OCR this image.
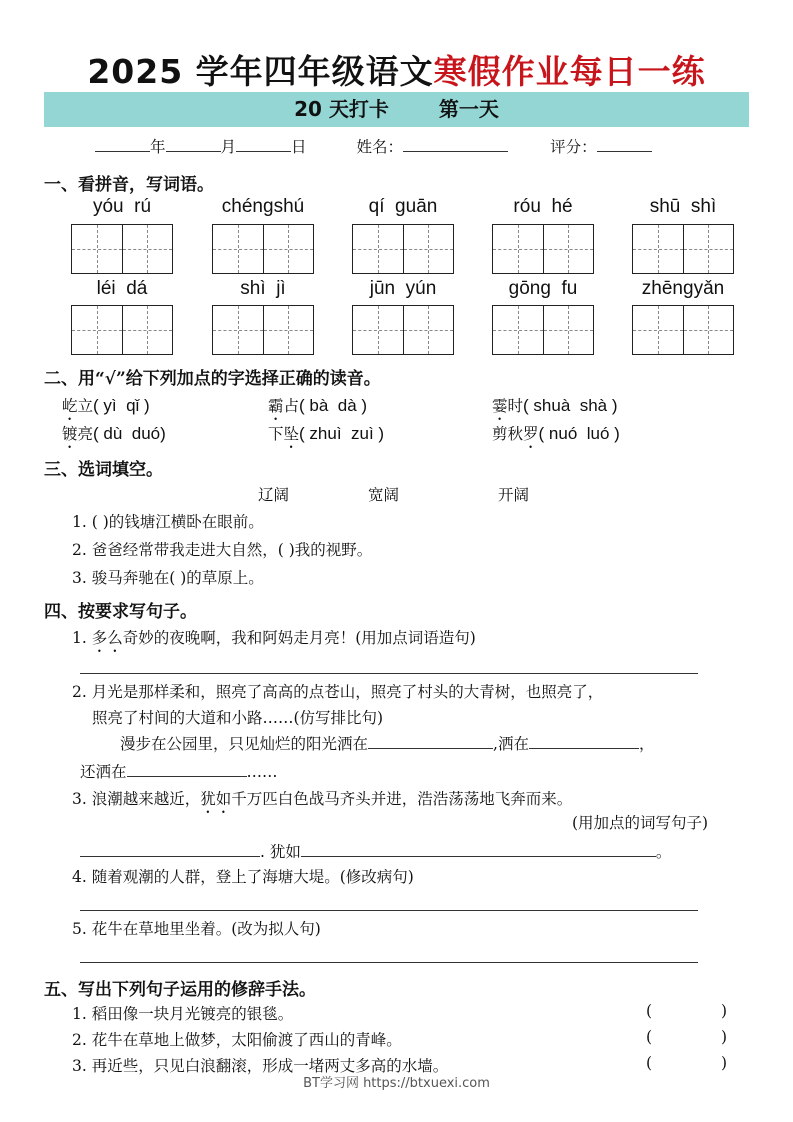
2025 学年四年级语文寒假作业每日一练
20 天打卡	第一天
年	月	日	姓名：	评分：
一、看拼音，写词语。
yóu  rú	chéngshú	qí  guān	róu  hé	shū  shì
léi  dá	shì  jì	jūn  yún	gōng  fu	zhēngyǎn
二、用“√”给下列加点的字选择正确的读音。
屹立( yì  qǐ )	霸占( bà  dà )	霎时( shuà  shà )
镀亮( dù  duó)	下坠( zhuì  zuì )	剪秋罗( nuó  luó )
三、选词填空。
辽阔	宽阔	开阔
1. ( )的钱塘江横卧在眼前。
2. 爸爸经常带我走进大自然，( )我的视野。
3. 骏马奔驰在( )的草原上。
四、按要求写句子。
1. 多么奇妙的夜晚啊，我和阿妈走月亮！(用加点词语造句)
2. 月光是那样柔和，照亮了高高的点苍山，照亮了村头的大青树，也照亮了，
照亮了村间的大道和小路……(仿写排比句)
漫步在公园里，只见灿烂的阳光洒在	,洒在	，
还洒在	……
3. 浪潮越来越近，犹如千万匹白色战马齐头并进，浩浩荡荡地飞奔而来。
(用加点的词写句子)
. 犹如	。
4. 随着观潮的人群，登上了海塘大堤。(修改病句)
5. 花牛在草地里坐着。(改为拟人句)
五、写出下列句子运用的修辞手法。
1. 稻田像一块月光镀亮的银毯。	(              )
2. 花牛在草地上做梦，太阳偷渡了西山的青峰。	(              )
3. 再近些，只见白浪翻滚，形成一堵两丈多高的水墙。	(              )
BT学习网 https://btxuexi.com
